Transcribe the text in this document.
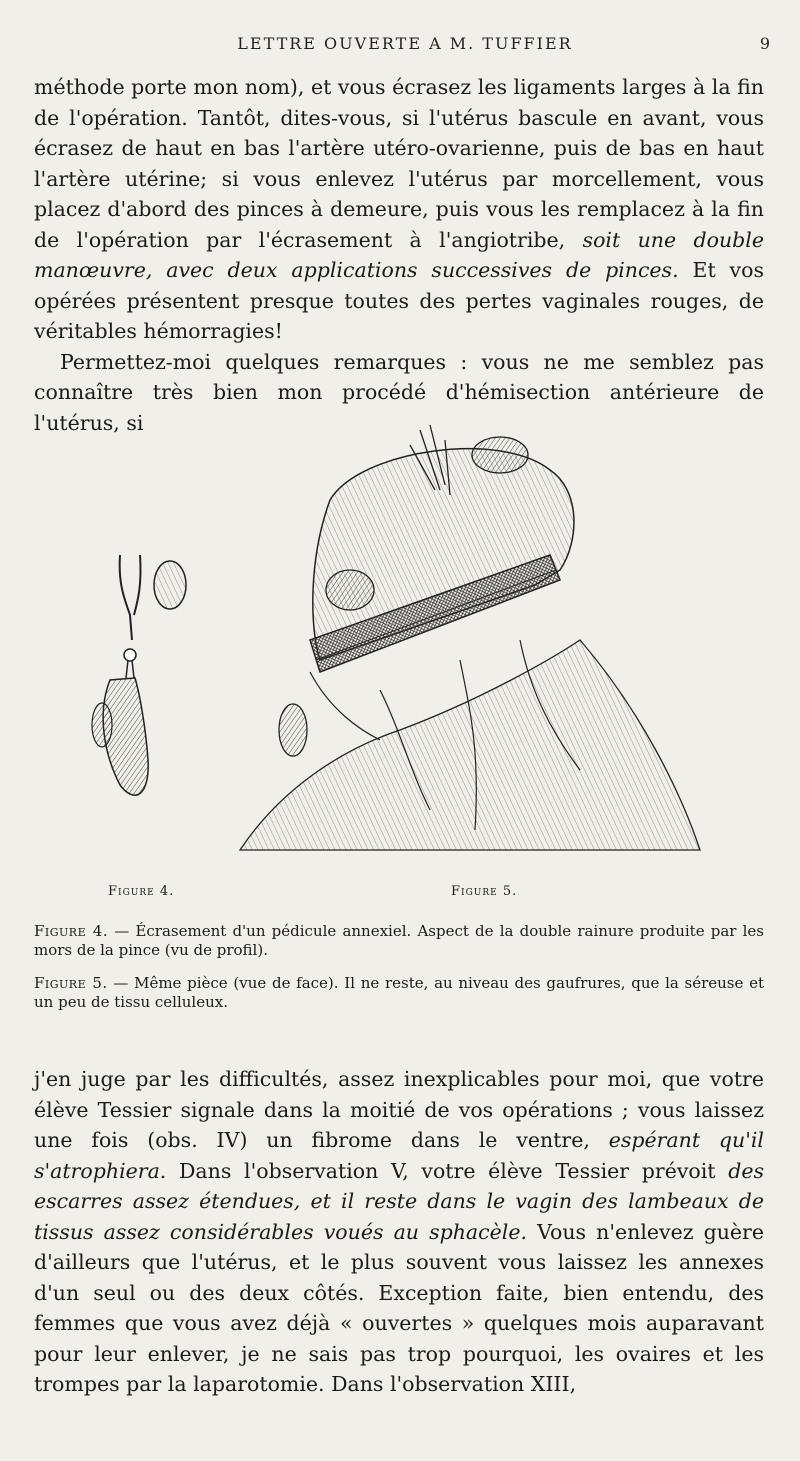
LETTRE OUVERTE A M. TUFFIER	9

méthode porte mon nom), et vous écrasez les ligaments larges à la fin de l'opération. Tantôt, dites-vous, si l'utérus bascule en avant, vous écrasez de haut en bas l'artère utéro-ovarienne, puis de bas en haut l'artère utérine; si vous enlevez l'utérus par morcellement, vous placez d'abord des pinces à demeure, puis vous les remplacez à la fin de l'opération par l'écrasement à l'angiotribe, soit une double manœuvre, avec deux applications successives de pinces. Et vos opérées présentent presque toutes des pertes vaginales rouges, de véritables hémorragies!

Permettez-moi quelques remarques : vous ne me semblez pas connaître très bien mon procédé d'hémisection antérieure de l'utérus, si

Figure 4.	Figure 5.

Figure 4. — Écrasement d'un pédicule annexiel. Aspect de la double rainure produite par les mors de la pince (vu de profil).

Figure 5. — Même pièce (vue de face). Il ne reste, au niveau des gaufrures, que la séreuse et un peu de tissu celluleux.

j'en juge par les difficultés, assez inexplicables pour moi, que votre élève Tessier signale dans la moitié de vos opérations ; vous laissez une fois (obs. IV) un fibrome dans le ventre, espérant qu'il s'atrophiera. Dans l'observation V, votre élève Tessier prévoit des escarres assez étendues, et il reste dans le vagin des lambeaux de tissus assez considérables voués au sphacèle. Vous n'enlevez guère d'ailleurs que l'utérus, et le plus souvent vous laissez les annexes d'un seul ou des deux côtés. Exception faite, bien entendu, des femmes que vous avez déjà « ouvertes » quelques mois auparavant pour leur enlever, je ne sais pas trop pourquoi, les ovaires et les trompes par la laparotomie. Dans l'observation XIII,
